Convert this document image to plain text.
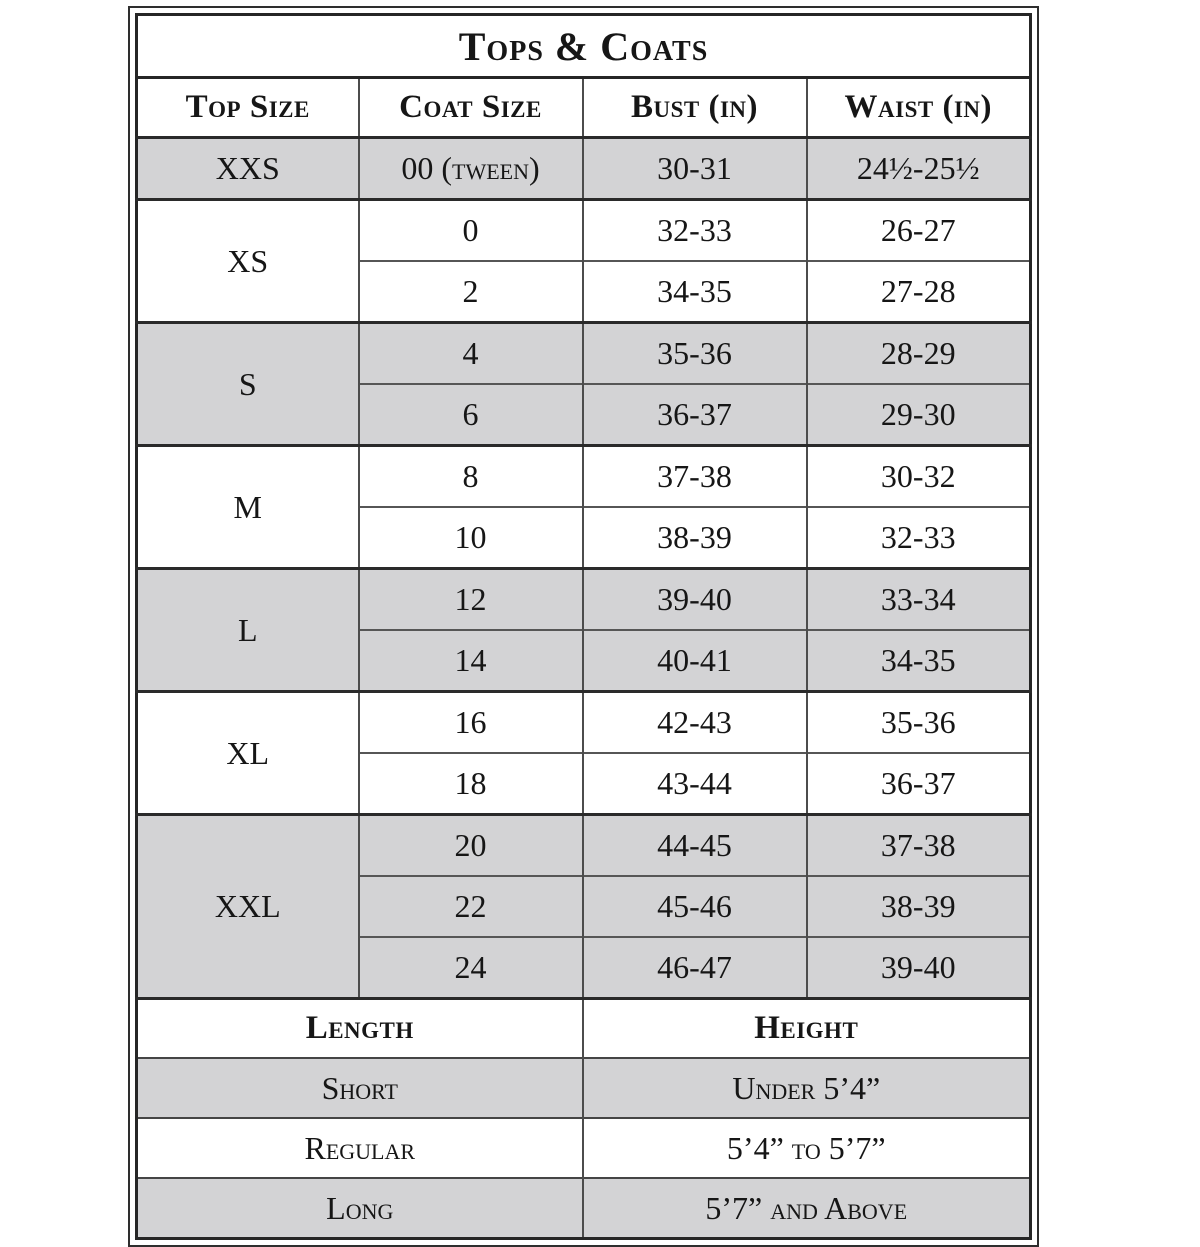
Tops & Coats			
Top Size	Coat Size	Bust (in)	Waist (in)
XXS	00 (tween)	30-31	24½-25½
XS	0	32-33	26-27
	2	34-35	27-28
S	4	35-36	28-29
	6	36-37	29-30
M	8	37-38	30-32
	10	38-39	32-33
L	12	39-40	33-34
	14	40-41	34-35
XL	16	42-43	35-36
	18	43-44	36-37
XXL	20	44-45	37-38
	22	45-46	38-39
	24	46-47	39-40
Length		Height	
Short		Under 5’4”	
Regular		5’4” to 5’7”	
Long		5’7” and Above	
